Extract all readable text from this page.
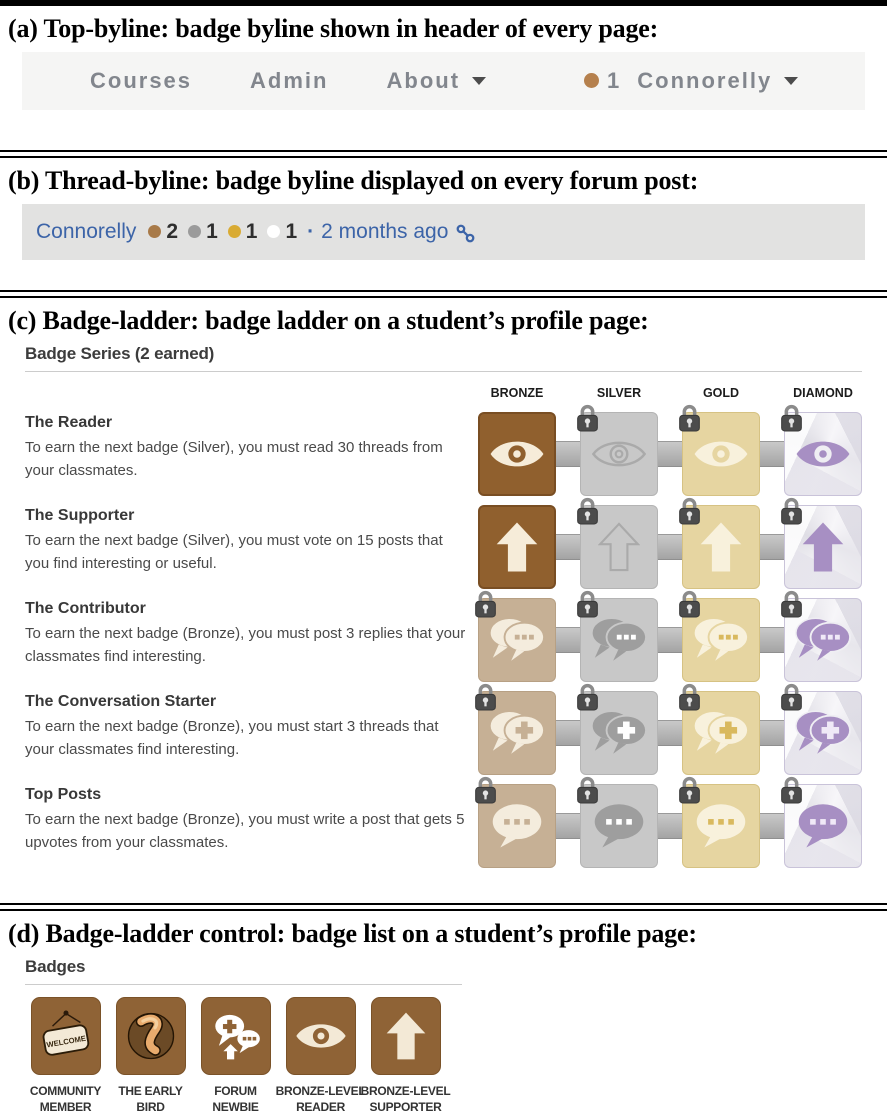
(a) Top-byline: badge byline shown in header of every page:
Courses	Admin	About	1 Connorelly
(b) Thread-byline: badge byline displayed on every forum post:
Connorelly 2 1 1 1 · 2 months ago
(c) Badge-ladder: badge ladder on a student’s profile page:
Badge Series (2 earned)
BRONZE	SILVER	GOLD	DIAMOND
The Reader
To earn the next badge (Silver), you must read 30 threads from your classmates.
The Supporter
To earn the next badge (Silver), you must vote on 15 posts that you find interesting or useful.
The Contributor
To earn the next badge (Bronze), you must post 3 replies that your classmates find interesting.
The Conversation Starter
To earn the next badge (Bronze), you must start 3 threads that your classmates find interesting.
Top Posts
To earn the next badge (Bronze), you must write a post that gets 5 upvotes from your classmates.
(d) Badge-ladder control: badge list on a student’s profile page:
Badges
WELCOME
COMMUNITY
MEMBER
THE EARLY
BIRD
FORUM
NEWBIE
BRONZE-LEVEL
READER
BRONZE-LEVEL
SUPPORTER
